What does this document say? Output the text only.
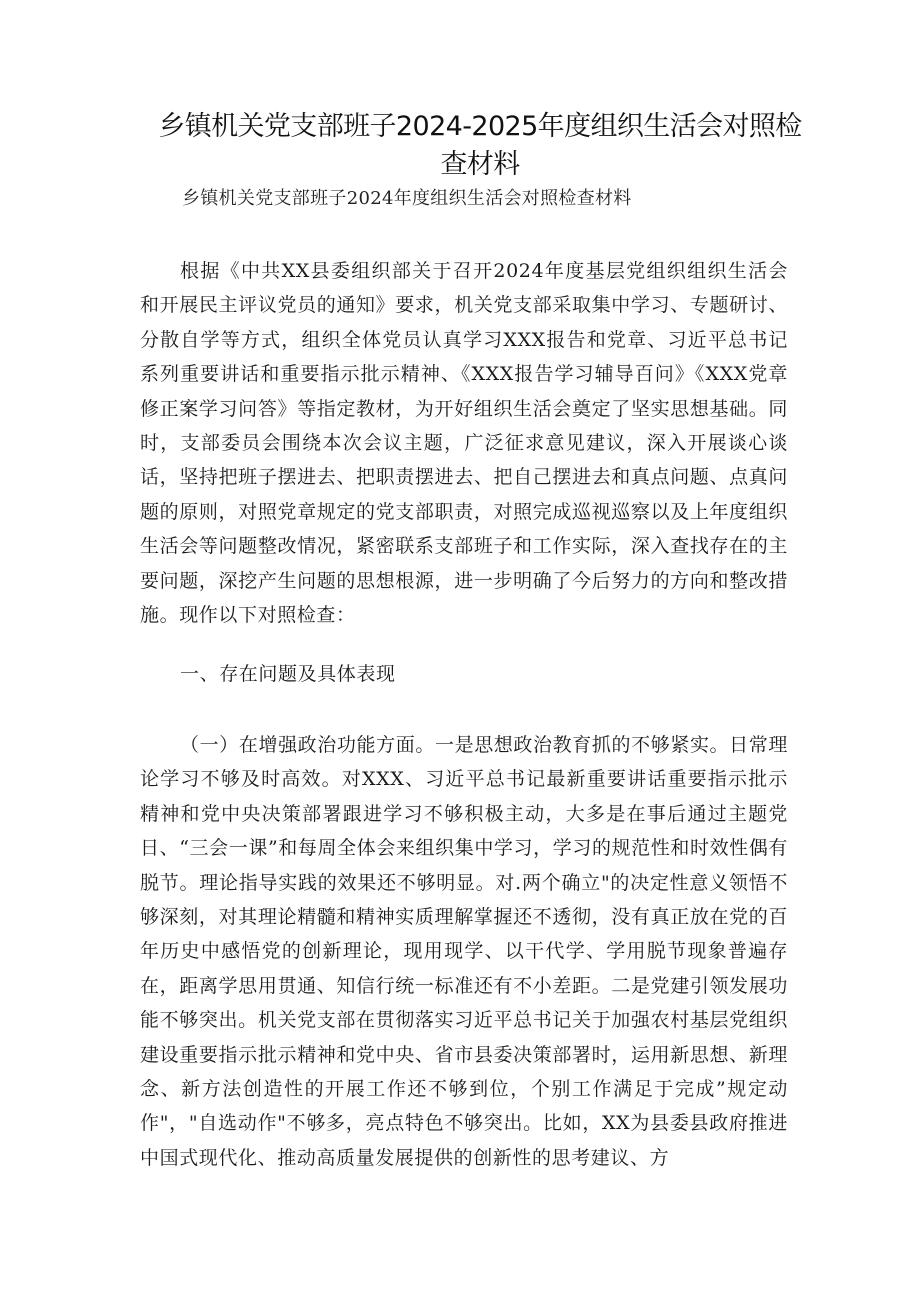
乡镇机关党支部班子2024-2025年度组织生活会对照检查材料
乡镇机关党支部班子2024年度组织生活会对照检查材料

根据《中共XX县委组织部关于召开2024年度基层党组织组织生活会和开展民主评议党员的通知》要求，机关党支部采取集中学习、专题研讨、分散自学等方式，组织全体党员认真学习XXX报告和党章、习近平总书记系列重要讲话和重要指示批示精神、《XXX报告学习辅导百问》《XXX党章修正案学习问答》等指定教材，为开好组织生活会奠定了坚实思想基础。同时，支部委员会围绕本次会议主题，广泛征求意见建议，深入开展谈心谈话，坚持把班子摆进去、把职责摆进去、把自己摆进去和真点问题、点真问题的原则，对照党章规定的党支部职责，对照完成巡视巡察以及上年度组织生活会等问题整改情况，紧密联系支部班子和工作实际，深入查找存在的主要问题，深挖产生问题的思想根源，进一步明确了今后努力的方向和整改措施。现作以下对照检查：

一、存在问题及具体表现

（一）在增强政治功能方面。一是思想政治教育抓的不够紧实。日常理论学习不够及时高效。对XXX、习近平总书记最新重要讲话重要指示批示精神和党中央决策部署跟进学习不够积极主动，大多是在事后通过主题党日、“三会一课”和每周全体会来组织集中学习，学习的规范性和时效性偶有脱节。理论指导实践的效果还不够明显。对.两个确立"的决定性意义领悟不够深刻，对其理论精髓和精神实质理解掌握还不透彻，没有真正放在党的百年历史中感悟党的创新理论，现用现学、以干代学、学用脱节现象普遍存在，距离学思用贯通、知信行统一标准还有不小差距。二是党建引领发展功能不够突出。机关党支部在贯彻落实习近平总书记关于加强农村基层党组织建设重要指示批示精神和党中央、省市县委决策部署时，运用新思想、新理念、新方法创造性的开展工作还不够到位，个别工作满足于完成”规定动作"，"自选动作"不够多，亮点特色不够突出。比如，XX为县委县政府推进中国式现代化、推动高质量发展提供的创新性的思考建议、方
